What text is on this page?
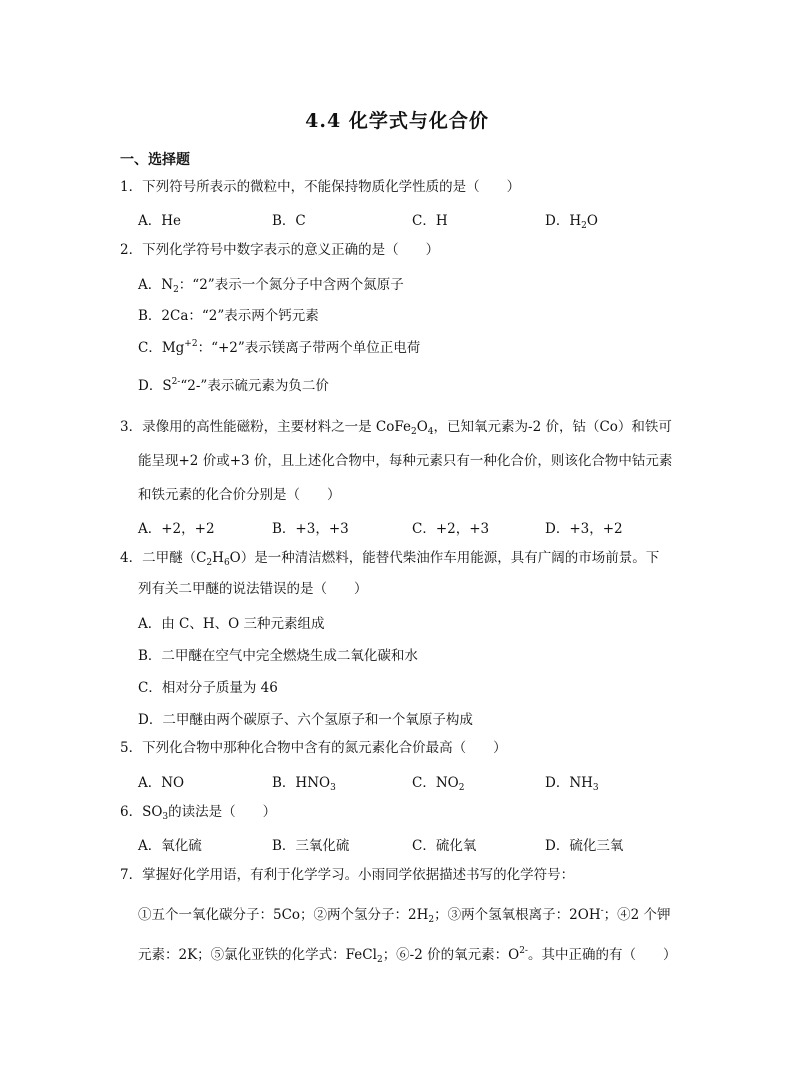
4.4 化学式与化合价
一、选择题
1．下列符号所表示的微粒中，不能保持物质化学性质的是（　　）
A．He	B．C	C．H	D．$H_2O$
2．下列化学符号中数字表示的意义正确的是（　　）
A．$N_2$：“2”表示一个氮分子中含两个氮原子
B．2Ca：“2”表示两个钙元素
C．$Mg^{+2}$：“+2”表示镁离子带两个单位正电荷
D．$S^{2-}“2-$”表示硫元素为负二价
3．录像用的高性能磁粉，主要材料之一是 $CoFe_2O_4$，已知氧元素为-2 价，钴（Co）和铁可
能呈现+2 价或+3 价，且上述化合物中，每种元素只有一种化合价，则该化合物中钴元素
和铁元素的化合价分别是（　　）
A．+2，+2	B．+3，+3	C．+2，+3	D．+3，+2
4．二甲醚$(C_2H_6O)$是一种清洁燃料，能替代柴油作车用能源，具有广阔的市场前景。下
列有关二甲醚的说法错误的是（　　）
A．由 C、H、O 三种元素组成
B．二甲醚在空气中完全燃烧生成二氧化碳和水
C．相对分子质量为 46
D．二甲醚由两个碳原子、六个氢原子和一个氧原子构成
5．下列化合物中那种化合物中含有的氮元素化合价最高（　　）
A．NO	B．$HNO_3$	C．$NO_2$	D．$NH_3$
6．$SO_3$的读法是（　　）
A．氧化硫	B．三氧化硫	C．硫化氧	D．硫化三氧
7．掌握好化学用语，有利于化学学习。小雨同学依据描述书写的化学符号：
①五个一氧化碳分子：5Co；②两个氢分子：$2H_2$；③两个氢氧根离子：2OH-；④2 个钾
元素：2K；⑤氯化亚铁的化学式：FeCl$_2$；⑥-2 价的氧元素：$O^{2-}$。其中正确的有（　　）
